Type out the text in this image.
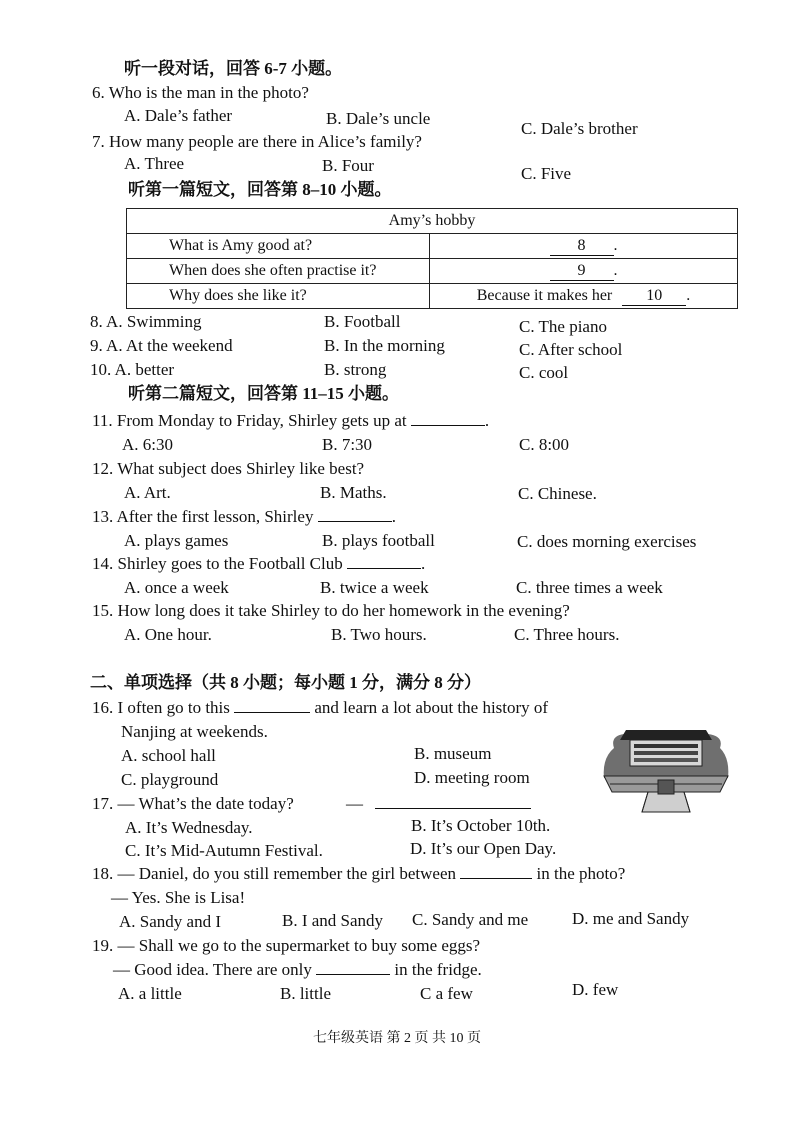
听一段对话，回答 6-7 小题。
6. Who is the man in the photo?
A. Dale’s father	B. Dale’s uncle
C. Dale’s brother
7. How many people are there in Alice’s family?
A. Three	B. Four	C. Five
听第一篇短文，回答第 8–10 小题。
Amy’s hobby	
What is Amy good at?	8 .
When does she often practise it?	9 .
Why does she like it?	Because it makes her 10 .
8. A. Swimming	B. Football	C. The piano
9. A. At the weekend	B. In the morning	C. After school
10. A. better	B. strong	C. cool
听第二篇短文，回答第 11–15 小题。
11. From Monday to Friday, Shirley gets up at	.
A. 6:30	B. 7:30	C. 8:00
12. What subject does Shirley like best?
A. Art.	B. Maths.	C. Chinese.
13. After the first lesson, Shirley	.
A. plays games	B. plays football	C. does morning exercises
14. Shirley goes to the Football Club	.
A. once a week	B. twice a week	C. three times a week
15. How long does it take Shirley to do her homework in the evening?
A. One hour.	B. Two hours.	C. Three hours.
二、单项选择（共 8 小题；每小题 1 分，满分 8 分）
16. I often go to this	and learn a lot about the history of
Nanjing at weekends.
A. school hall	B. museum
C. playground	D. meeting room
17. — What’s the date today?	—
A. It’s Wednesday.	B. It’s October 10th.
C. It’s Mid-Autumn Festival.	D. It’s our Open Day.
18. — Daniel, do you still remember the girl between	in the photo?
— Yes. She is Lisa!
A. Sandy and I	B. I and Sandy C. Sandy and me	D. me and Sandy
19. — Shall we go to the supermarket to buy some eggs?
— Good idea. There are only	in the fridge.
A. a little	B. little	C a few	D. few
七年级英语 第 2 页 共 10 页
